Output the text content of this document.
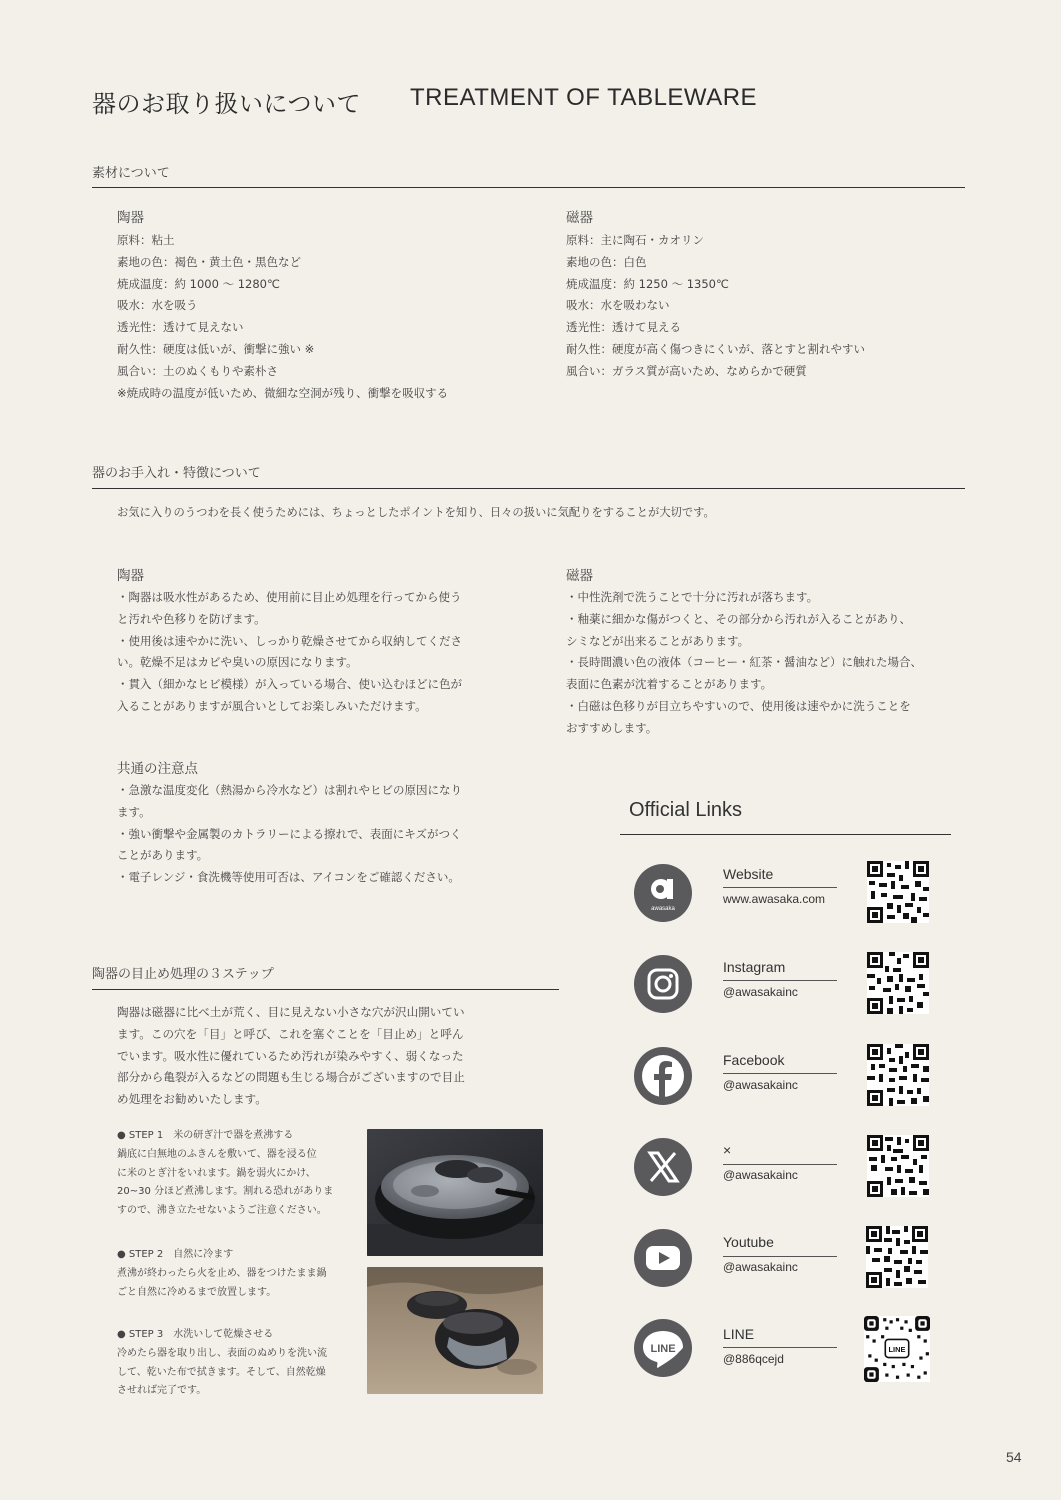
器のお取り扱いについて TREATMENT OF TABLEWARE
素材について
陶器
原料：粘土
素地の色：褐色・黄土色・黒色など
焼成温度：約 1000 ～ 1280℃
吸水：水を吸う
透光性：透けて見えない
耐久性：硬度は低いが、衝撃に強い ※
風合い：土のぬくもりや素朴さ
※焼成時の温度が低いため、微細な空洞が残り、衝撃を吸収する
磁器
原料：主に陶石・カオリン
素地の色：白色
焼成温度：約 1250 ～ 1350℃
吸水：水を吸わない
透光性：透けて見える
耐久性：硬度が高く傷つきにくいが、落とすと割れやすい
風合い：ガラス質が高いため、なめらかで硬質
器のお手入れ・特徴について
お気に入りのうつわを長く使うためには、ちょっとしたポイントを知り、日々の扱いに気配りをすることが大切です。
陶器
・陶器は吸水性があるため、使用前に目止め処理を行ってから使う
と汚れや色移りを防げます。
・使用後は速やかに洗い、しっかり乾燥させてから収納してくださ
い。乾燥不足はカビや臭いの原因になります。
・貫入（細かなヒビ模様）が入っている場合、使い込むほどに色が
入ることがありますが風合いとしてお楽しみいただけます。
磁器
・中性洗剤で洗うことで十分に汚れが落ちます。
・釉薬に細かな傷がつくと、その部分から汚れが入ることがあり、
シミなどが出来ることがあります。
・長時間濃い色の液体（コーヒー・紅茶・醤油など）に触れた場合、
表面に色素が沈着することがあります。
・白磁は色移りが目立ちやすいので、使用後は速やかに洗うことを
おすすめします。
共通の注意点
・急激な温度変化（熱湯から冷水など）は割れやヒビの原因になり
ます。
・強い衝撃や金属製のカトラリーによる擦れで、表面にキズがつく
ことがあります。
・電子レンジ・食洗機等使用可否は、アイコンをご確認ください。
陶器の目止め処理の３ステップ
陶器は磁器に比べ土が荒く、目に見えない小さな穴が沢山開いてい
ます。この穴を「目」と呼び、これを塞ぐことを「目止め」と呼ん
でいます。吸水性に優れているため汚れが染みやすく、弱くなった
部分から亀裂が入るなどの問題も生じる場合がございますので目止
め処理をお勧めいたします。
● STEP 1　米の研ぎ汁で器を煮沸する
鍋底に白無地のふきんを敷いて、器を浸る位
に米のとぎ汁をいれます。鍋を弱火にかけ、
20~30 分ほど煮沸します。割れる恐れがありま
すので、沸き立たせないようご注意ください。
● STEP 2　自然に冷ます
煮沸が終わったら火を止め、器をつけたまま鍋
ごと自然に冷めるまで放置します。
● STEP 3　水洗いして乾燥させる
冷めたら器を取り出し、表面のぬめりを洗い流
して、乾いた布で拭きます。そして、自然乾燥
させれば完了です。
Official Links
awasaka
Website
www.awasaka.com
Instagram
@awasakainc
Facebook
@awasakainc
×
@awasakainc
Youtube
@awasakainc
LINE
LINE
@886qcejd
LINE
54
